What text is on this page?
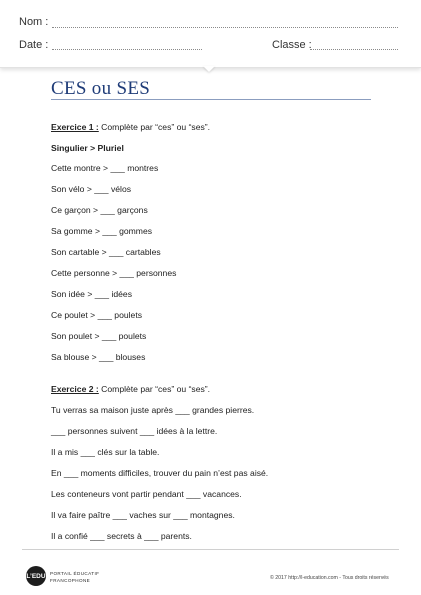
Nom :
Date :	Classe :
CES ou SES
Exercice 1 : Complète par “ces” ou “ses”.
Singulier > Pluriel
Cette montre > ___ montres
Son vélo > ___ vélos
Ce garçon > ___ garçons
Sa gomme > ___ gommes
Son cartable > ___ cartables
Cette personne > ___ personnes
Son idée > ___ idées
Ce poulet > ___ poulets
Son poulet > ___ poulets
Sa blouse > ___ blouses
Exercice 2 : Complète par “ces” ou “ses”.
Tu verras sa maison juste après ___ grandes pierres.
___ personnes suivent ___ idées à la lettre.
Il a mis ___ clés sur la table.
En ___ moments difficiles, trouver du pain n’est pas aisé.
Les conteneurs vont partir pendant ___ vacances.
Il va faire paître ___ vaches sur ___ montagnes.
Il a confié ___ secrets à ___ parents.
L’EDU PORTAIL ÉDUCATIF
FRANCOPHONE	© 2017 http://l-education.com - Tous droits réservés
